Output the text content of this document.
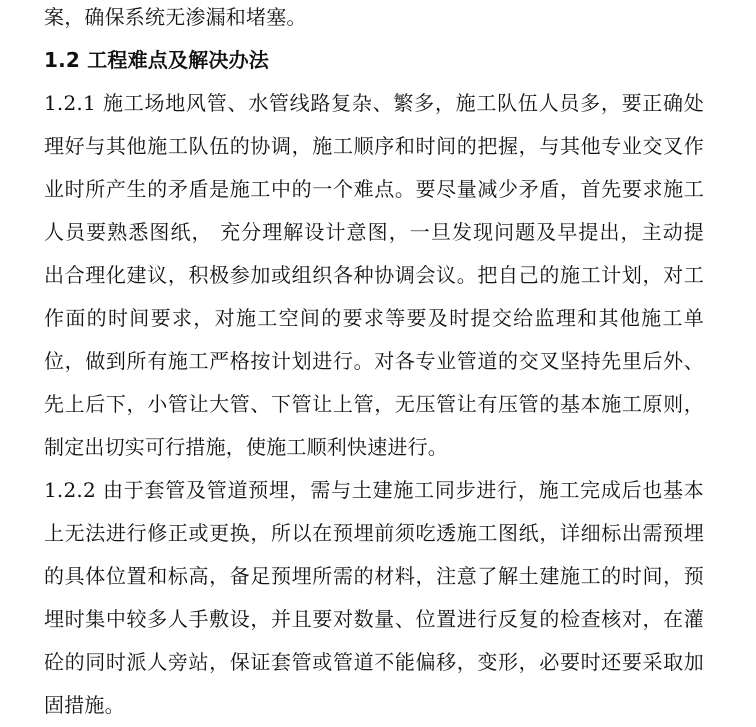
案，确保系统无渗漏和堵塞。
1.2 工程难点及解决办法
1.2.1 施工场地风管、水管线路复杂、繁多，施工队伍人员多，要正确处
理好与其他施工队伍的协调，施工顺序和时间的把握，与其他专业交叉作
业时所产生的矛盾是施工中的一个难点。要尽量减少矛盾，首先要求施工
人员要熟悉图纸， 充分理解设计意图，一旦发现问题及早提出，主动提
出合理化建议，积极参加或组织各种协调会议。把自己的施工计划，对工
作面的时间要求，对施工空间的要求等要及时提交给监理和其他施工单
位，做到所有施工严格按计划进行。对各专业管道的交叉坚持先里后外、
先上后下，小管让大管、下管让上管，无压管让有压管的基本施工原则，
制定出切实可行措施，使施工顺利快速进行。
1.2.2 由于套管及管道预埋，需与土建施工同步进行，施工完成后也基本
上无法进行修正或更换，所以在预埋前须吃透施工图纸，详细标出需预埋
的具体位置和标高，备足预埋所需的材料，注意了解土建施工的时间，预
埋时集中较多人手敷设，并且要对数量、位置进行反复的检查核对，在灌
砼的同时派人旁站，保证套管或管道不能偏移，变形，必要时还要采取加
固措施。
